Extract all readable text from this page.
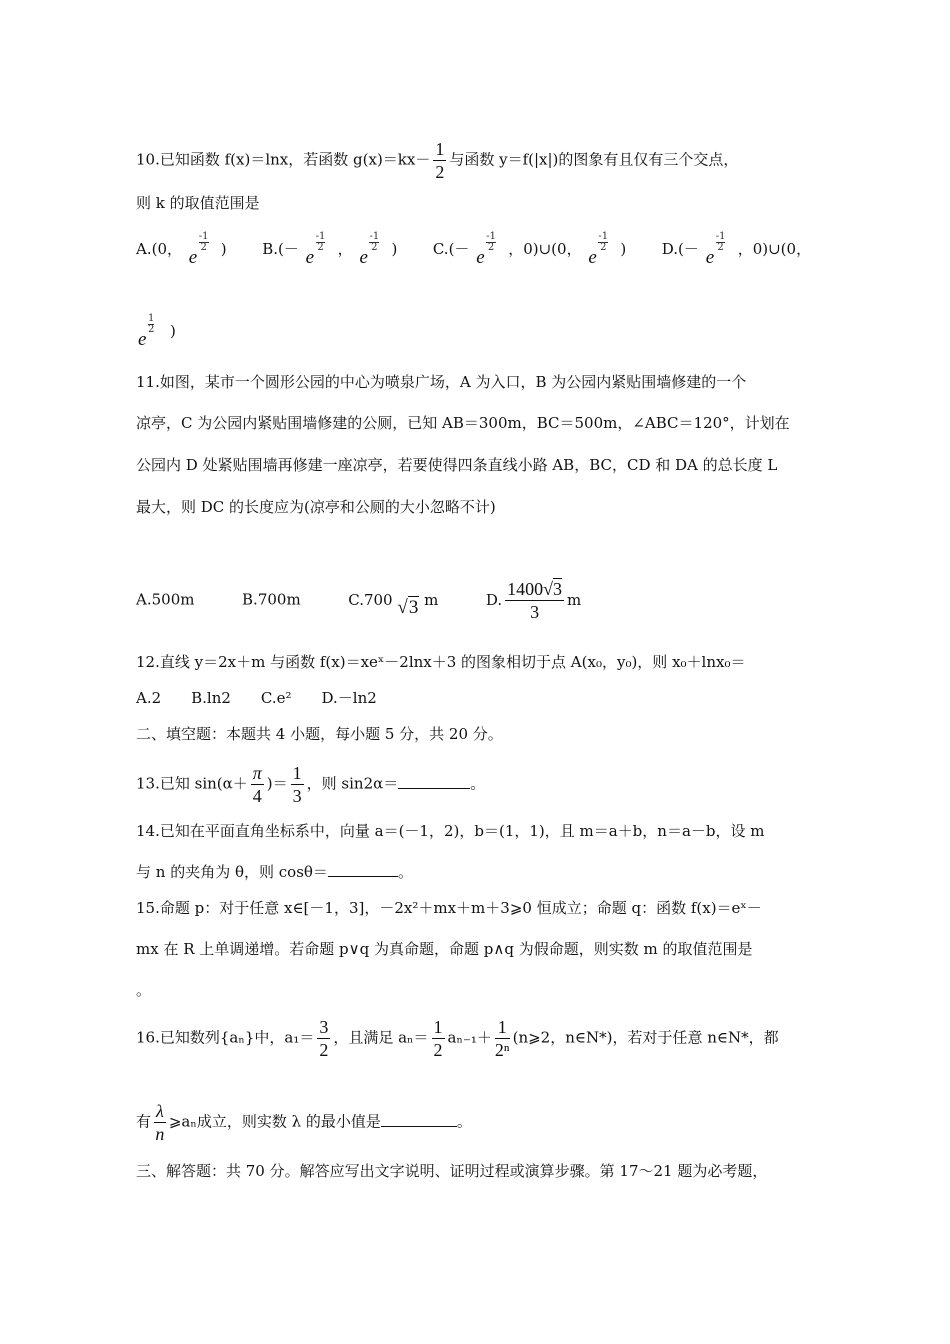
10.已知函数 f(x)＝lnx，若函数 $g(x)=kx- \frac{1}{2}$ 与函数 y＝f(|x|)的图象有且仅有三个交点，
则 k 的取值范围是
A.(0， e
-1
2 ) B.(－ e
-1
2 ， e
-1
2 ) C.(－ e
-1
2 ，0)∪(0， e
-1
2 ) D.(－ e
-1
2 ，0)∪(0，
e
1
2 )
11.如图，某市一个圆形公园的中心为喷泉广场，A 为入口，B 为公园内紧贴围墙修建的一个
凉亭，C 为公园内紧贴围墙修建的公厕，已知 AB＝300m，BC＝500m，∠ABC＝120°，计划在
公园内 D 处紧贴围墙再修建一座凉亭，若要使得四条直线小路 AB，BC，CD 和 DA 的总长度 L
最大，则 DC 的长度应为(凉亭和公厕的大小忽略不计)
A.500m	B.700m	C.700 √3 m	D. $\frac{1400√3}{3}$ m
12.直线 y＝2x＋m 与函数 f(x)＝xeˣ－2lnx＋3 的图象相切于点 A(x₀，y₀)，则 x₀＋lnx₀＝
A.2　　B.ln2　　C.e²　　D.－ln2
二、填空题：本题共 4 小题，每小题 5 分，共 20 分。
13.已知 $\sin(\alpha+ \frac{\pi}{4}$ )＝ $\frac{1}{3}$ ，则 sin2α＝	。
14.已知在平面直角坐标系中，向量 a＝(－1，2)，b＝(1，1)，且 m＝a＋b，n＝a－b，设 m
与 n 的夹角为 θ，则 cosθ＝	。
15.命题 p：对于任意 x∈[－1，3]，－2x²＋mx＋m＋3⩾0 恒成立；命题 q：函数 f(x)＝eˣ－
mx 在 R 上单调递增。若命题 p∨q 为真命题，命题 p∧q 为假命题，则实数 m 的取值范围是
。
16.已知数列{aₙ}中，$a_1= \frac{3}{2}$ ，且满足 $a_n= \frac{1}{2} a_{n-1}+ \frac{1}{\text{2ⁿ}}$ (n⩾2，n∈N*)，若对于任意 n∈N*，都
有 $\frac{\lambda}{n}$ ⩾aₙ成立，则实数 λ 的最小值是	。
三、解答题：共 70 分。解答应写出文字说明、证明过程或演算步骤。第 17～21 题为必考题，
